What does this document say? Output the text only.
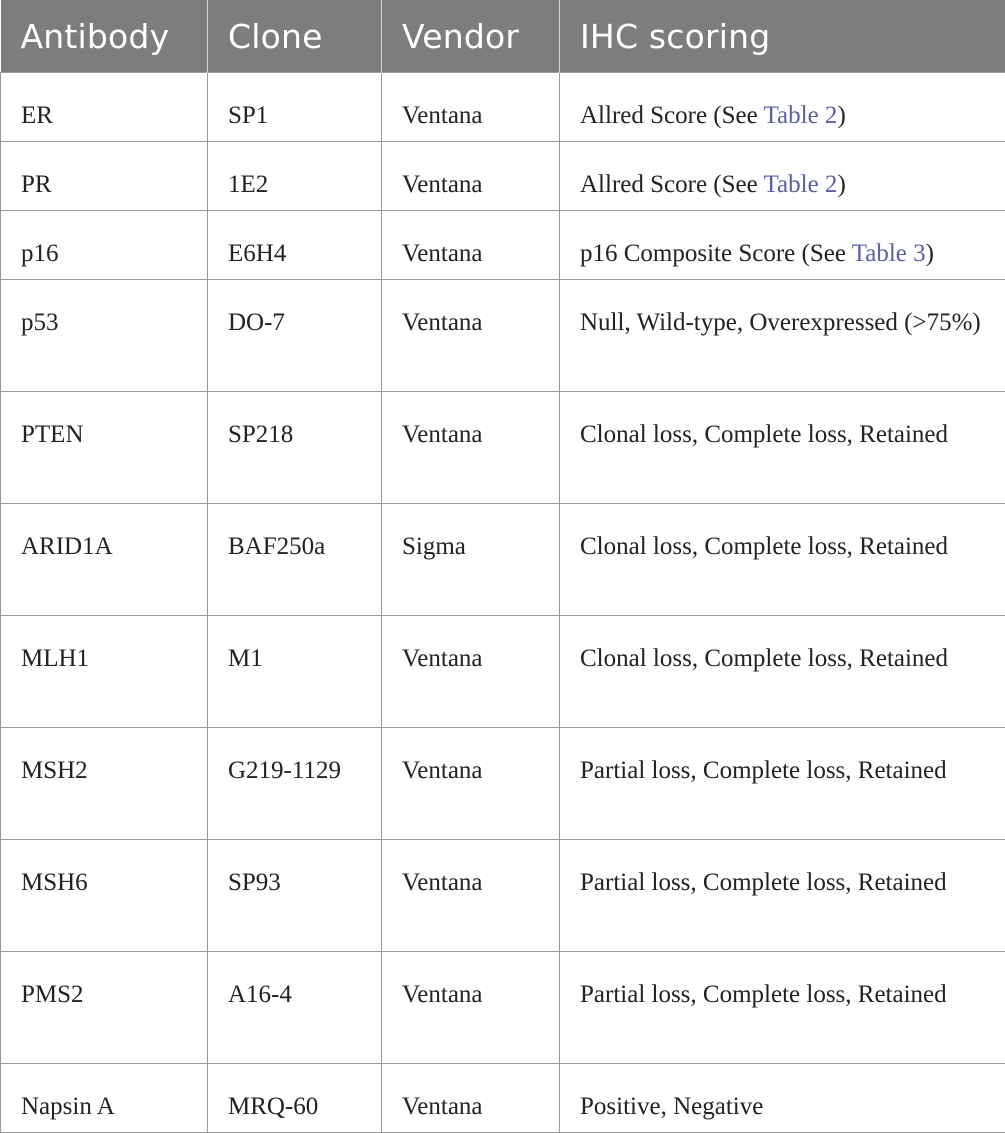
Antibody	Clone	Vendor	IHC scoring
ER	SP1	Ventana	Allred Score (See Table 2)
PR	1E2	Ventana	Allred Score (See Table 2)
p16	E6H4	Ventana	p16 Composite Score (See Table 3)
p53	DO-7	Ventana	Null, Wild-type, Overexpressed (>75%)
PTEN	SP218	Ventana	Clonal loss, Complete loss, Retained
ARID1A	BAF250a	Sigma	Clonal loss, Complete loss, Retained
MLH1	M1	Ventana	Clonal loss, Complete loss, Retained
MSH2	G219-1129	Ventana	Partial loss, Complete loss, Retained
MSH6	SP93	Ventana	Partial loss, Complete loss, Retained
PMS2	A16-4	Ventana	Partial loss, Complete loss, Retained
Napsin A	MRQ-60	Ventana	Positive, Negative
